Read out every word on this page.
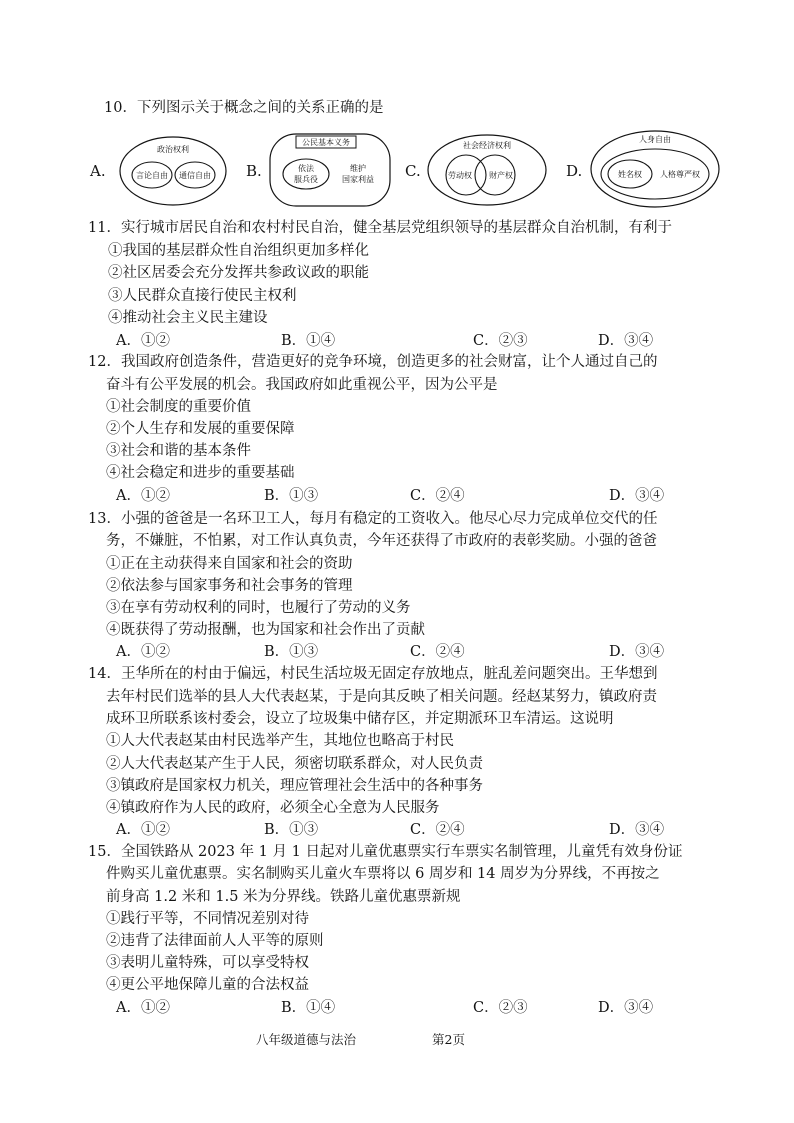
10．下列图示关于概念之间的关系正确的是
A.
政治权利
言论自由 通信自由 B.
公民基本义务
依法
服兵役
维护
国家利益 C.
社会经济权利
劳动权 财产权	D.
人身自由
姓名权 人格尊严权
11．实行城市居民自治和农村村民自治，健全基层党组织领导的基层群众自治机制，有利于
①我国的基层群众性自治组织更加多样化
②社区居委会充分发挥共参政议政的职能
③人民群众直接行使民主权利
④推动社会主义民主建设
A．①②	B．①④	C．②③	D．③④
12．我国政府创造条件，营造更好的竞争环境，创造更多的社会财富，让个人通过自己的
奋斗有公平发展的机会。我国政府如此重视公平，因为公平是
①社会制度的重要价值
②个人生存和发展的重要保障
③社会和谐的基本条件
④社会稳定和进步的重要基础
A．①②	B．①③	C．②④	D．③④
13．小强的爸爸是一名环卫工人，每月有稳定的工资收入。他尽心尽力完成单位交代的任
务，不嫌脏，不怕累，对工作认真负责，今年还获得了市政府的表彰奖励。小强的爸爸
①正在主动获得来自国家和社会的资助
②依法参与国家事务和社会事务的管理
③在享有劳动权利的同时，也履行了劳动的义务
④既获得了劳动报酬，也为国家和社会作出了贡献
A．①②	B．①③	C．②④	D．③④
14．王华所在的村由于偏远，村民生活垃圾无固定存放地点，脏乱差问题突出。王华想到
去年村民们选举的县人大代表赵某，于是向其反映了相关问题。经赵某努力，镇政府责
成环卫所联系该村委会，设立了垃圾集中储存区，并定期派环卫车清运。这说明
①人大代表赵某由村民选举产生，其地位也略高于村民
②人大代表赵某产生于人民，须密切联系群众，对人民负责
③镇政府是国家权力机关，理应管理社会生活中的各种事务
④镇政府作为人民的政府，必须全心全意为人民服务
A．①②	B．①③	C．②④	D．③④
15．全国铁路从 2023 年 1 月 1 日起对儿童优惠票实行车票实名制管理，儿童凭有效身份证
件购买儿童优惠票。实名制购买儿童火车票将以 6 周岁和 14 周岁为分界线，不再按之
前身高 1.2 米和 1.5 米为分界线。铁路儿童优惠票新规
①践行平等，不同情况差别对待
②违背了法律面前人人平等的原则
③表明儿童特殊，可以享受特权
④更公平地保障儿童的合法权益
A．①②	B．①④	C．②③	D．③④
八年级道德与法治	第2页
